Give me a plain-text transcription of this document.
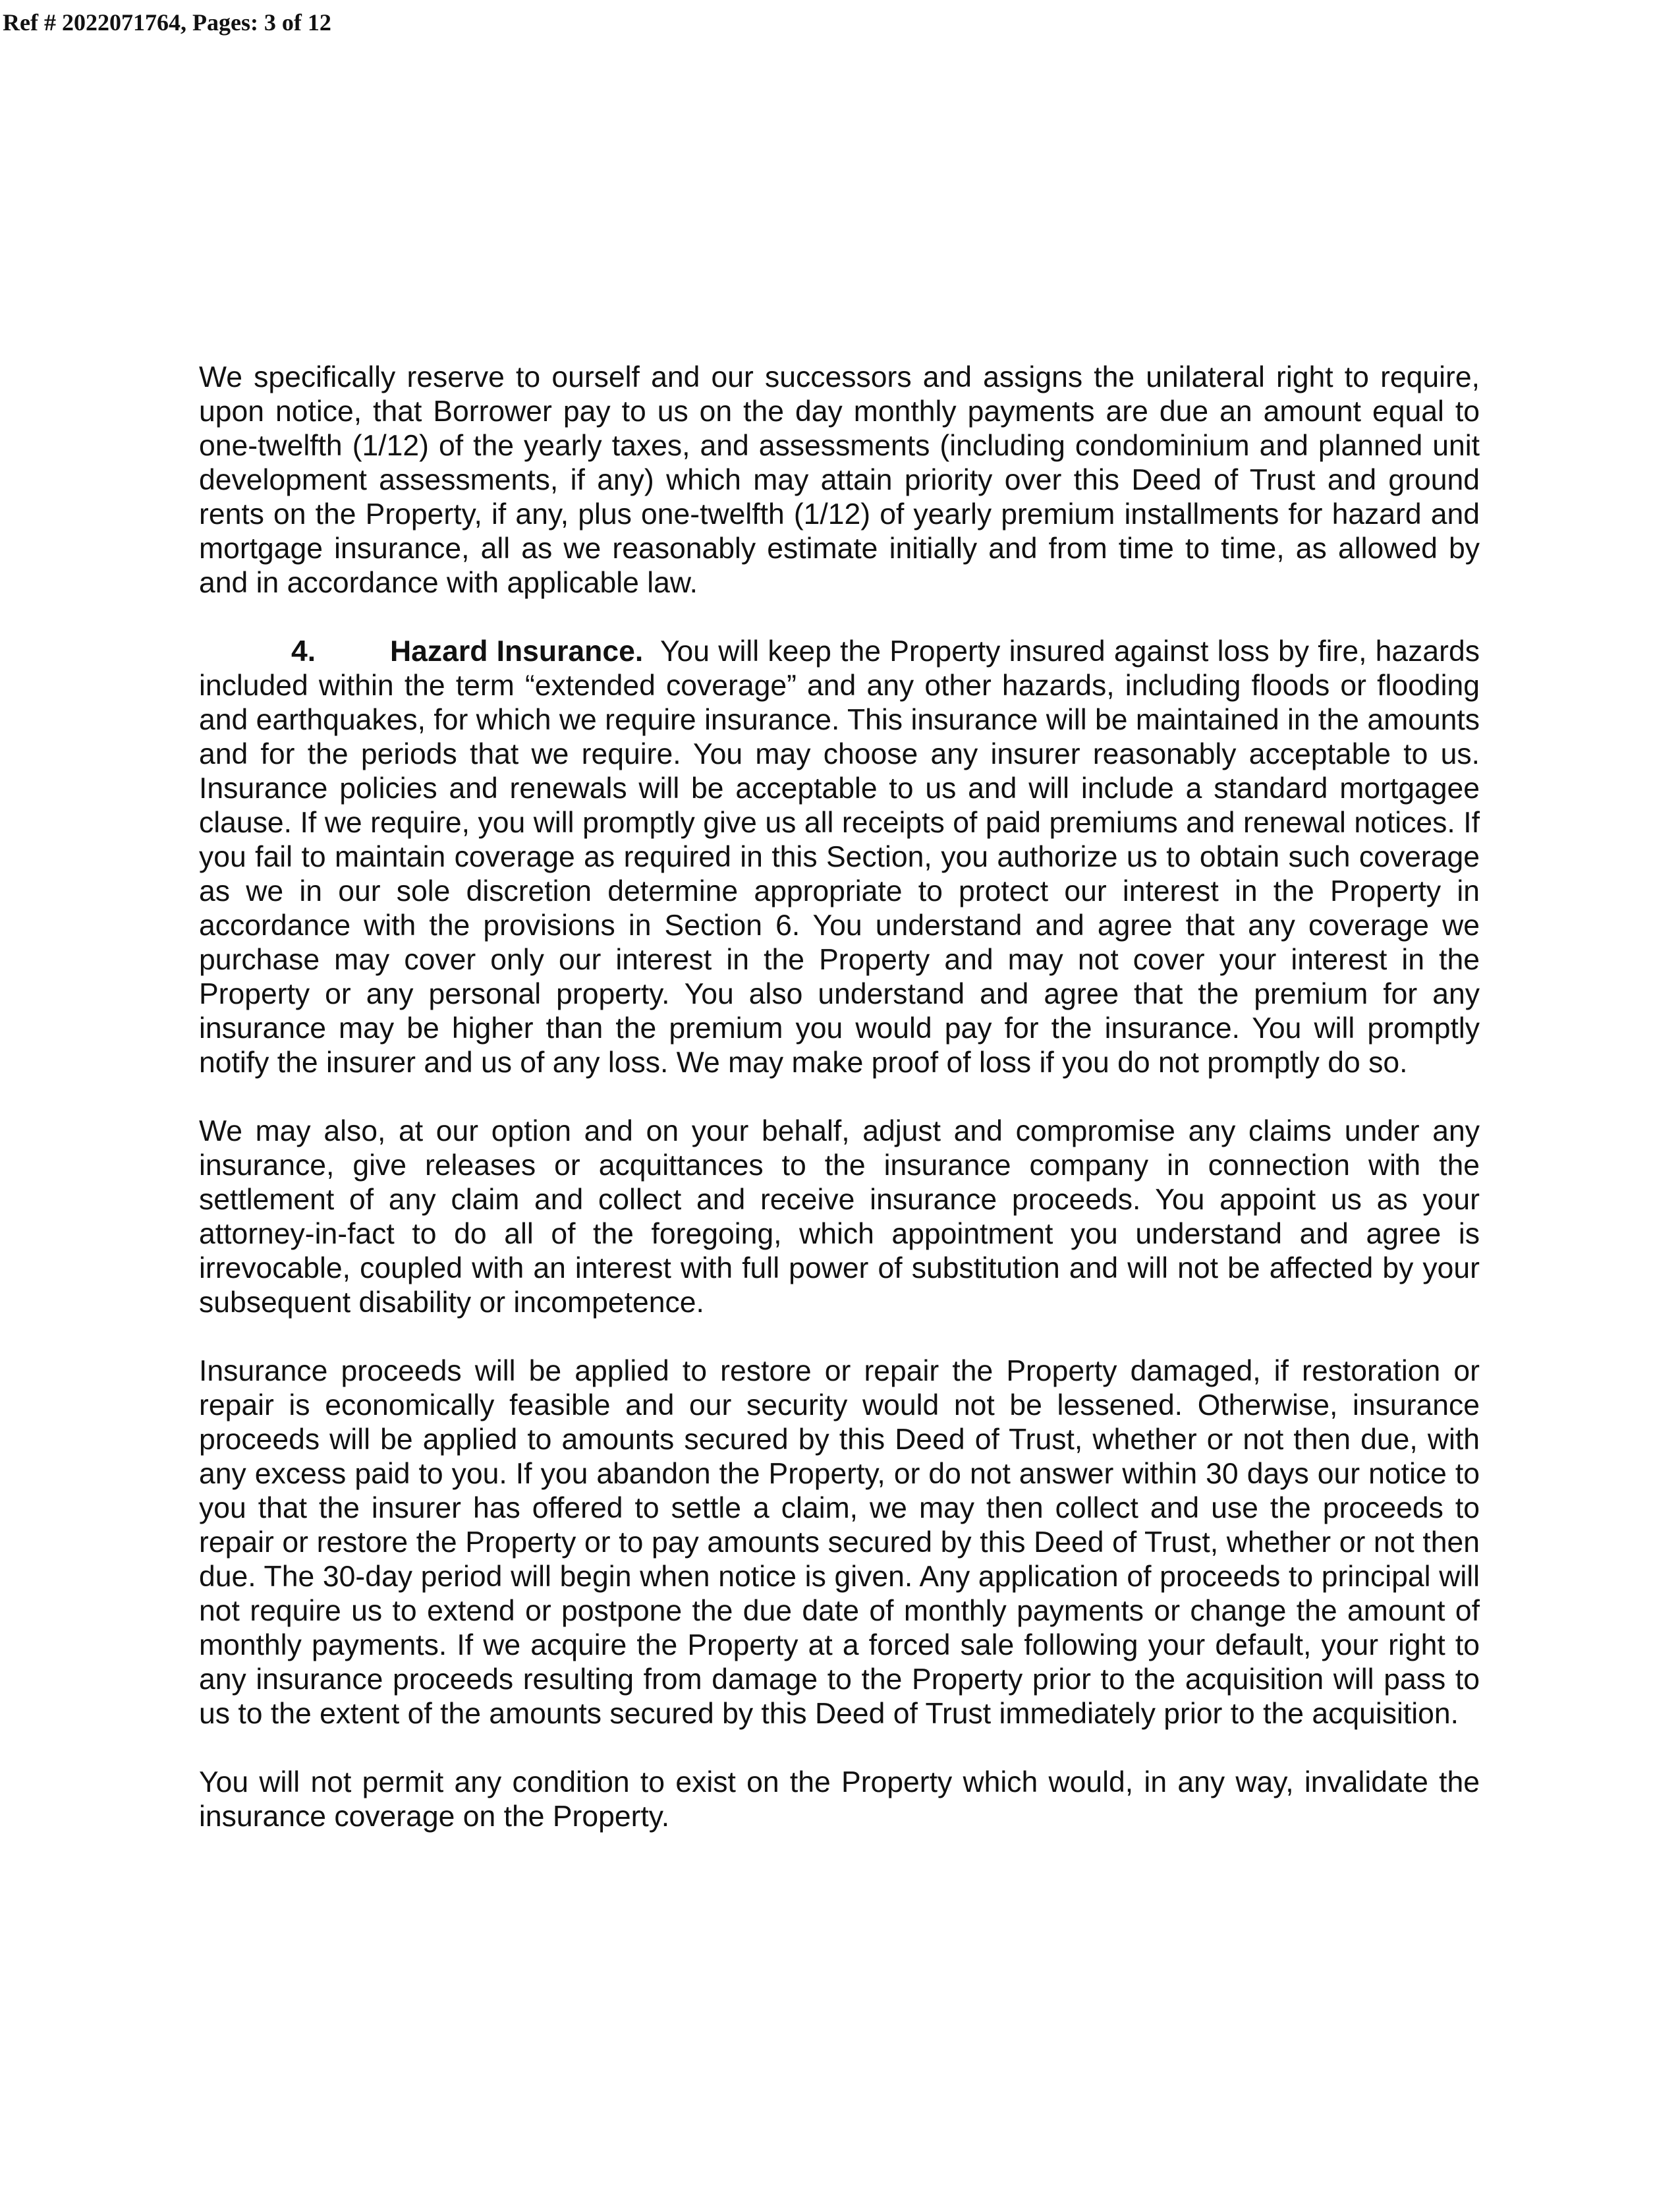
Ref # 2022071764, Pages: 3 of 12

We specifically reserve to ourself and our successors and assigns the unilateral right to require, upon notice, that Borrower pay to us on the day monthly payments are due an amount equal to one-twelfth (1/12) of the yearly taxes, and assessments (including condominium and planned unit development assessments, if any) which may attain priority over this Deed of Trust and ground rents on the Property, if any, plus one-twelfth (1/12) of yearly premium installments for hazard and mortgage insurance, all as we reasonably estimate initially and from time to time, as allowed by and in accordance with applicable law.

4.	Hazard Insurance. You will keep the Property insured against loss by fire, hazards included within the term “extended coverage” and any other hazards, including floods or flooding and earthquakes, for which we require insurance. This insurance will be maintained in the amounts and for the periods that we require. You may choose any insurer reasonably acceptable to us. Insurance policies and renewals will be acceptable to us and will include a standard mortgagee clause. If we require, you will promptly give us all receipts of paid premiums and renewal notices. If you fail to maintain coverage as required in this Section, you authorize us to obtain such coverage as we in our sole discretion determine appropriate to protect our interest in the Property in accordance with the provisions in Section 6. You understand and agree that any coverage we purchase may cover only our interest in the Property and may not cover your interest in the Property or any personal property. You also understand and agree that the premium for any insurance may be higher than the premium you would pay for the insurance. You will promptly notify the insurer and us of any loss. We may make proof of loss if you do not promptly do so.

We may also, at our option and on your behalf, adjust and compromise any claims under any insurance, give releases or acquittances to the insurance company in connection with the settlement of any claim and collect and receive insurance proceeds. You appoint us as your attorney-in-fact to do all of the foregoing, which appointment you understand and agree is irrevocable, coupled with an interest with full power of substitution and will not be affected by your subsequent disability or incompetence.

Insurance proceeds will be applied to restore or repair the Property damaged, if restoration or repair is economically feasible and our security would not be lessened. Otherwise, insurance proceeds will be applied to amounts secured by this Deed of Trust, whether or not then due, with any excess paid to you. If you abandon the Property, or do not answer within 30 days our notice to you that the insurer has offered to settle a claim, we may then collect and use the proceeds to repair or restore the Property or to pay amounts secured by this Deed of Trust, whether or not then due. The 30-day period will begin when notice is given. Any application of proceeds to principal will not require us to extend or postpone the due date of monthly payments or change the amount of monthly payments. If we acquire the Property at a forced sale following your default, your right to any insurance proceeds resulting from damage to the Property prior to the acquisition will pass to us to the extent of the amounts secured by this Deed of Trust immediately prior to the acquisition.

You will not permit any condition to exist on the Property which would, in any way, invalidate the insurance coverage on the Property.
